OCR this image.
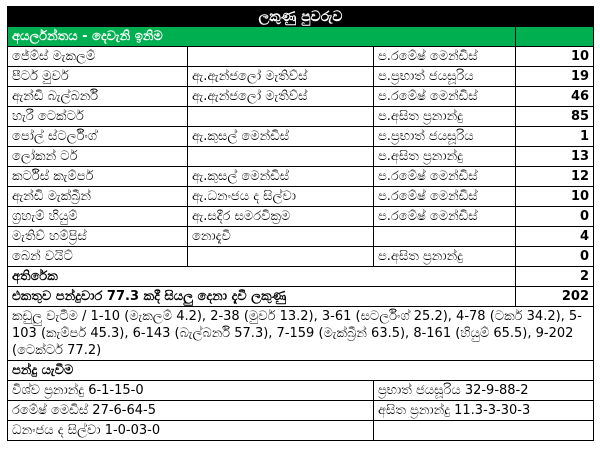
ලකුණු පුවරුව			
අයර්ලන්තය - දෙවැනි ඉනිම			
ජේම්ස් මැකලම්		ප.රමේෂ් මෙන්ඩිස්	10
පීටර් මුවර්	ඇ.ඇන්ජලෝ මැතිව්ස්	ප.ප්‍රභාත් ජයසූරිය	19
ඇන්ඩි බැල්බර්නි	ඇ.ඇන්ජලෝ මැතිව්ස්	ප.රමේෂ් මෙන්ඩිස්	46
හැරී ටෙක්ටර්		ප.අසිත ප්‍රනාන්දු	85
පෝල් ස්ටර්ලිංග්	ඇ.කුසල් මෙන්ඩිස්	ප.ප්‍රභාත් ජයසූරිය	1
ලෝකන් ටර්		ප.අසිත ප්‍රනාන්දු	13
කර්ටිස් කැම්පර්	ඇ.කුසල් මෙන්ඩිස්	ප.රමේෂ් මෙන්ඩිස්	12
ඇන්ඩි මැක්බ්‍රීන්	ඇ.ධනංජය ද සිල්වා	ප.රමේෂ් මෙන්ඩිස්	10
ග්‍රහැම් හියුම්	ඇ.සදීර සමරවික්‍රම	ප.රමේෂ් මෙන්ඩිස්	0
මැතිව් හම්ප්‍රිස්	නොදැවී		4
බෙන් වයිට්		ප.අසිත ප්‍රනාන්දු	0
අතිරේක			2
එකතුව පන්දුවාර 77.3 කදී සියලු දෙනා දැවී ලකුණු			202
කඩුලු වැටීම / 1-10 (මැකලම් 4.2), 2-38 (මුවර් 13.2), 3-61 (සටර්ලිංග් 25.2), 4-78 (ටකර් 34.2), 5-103 (කැම්පර් 45.3), 6-143 (බැල්බර්නි 57.3), 7-159 (මැක්බ්‍රීන් 63.5), 8-161 (හියුම් 65.5), 9-202 (ටෙක්ටර් 77.2)			
පන්දු යැවීම			
විශ්ව ප්‍රනාන්දු 6-1-15-0		ප්‍රභාත් ජයසූරිය 32-9-88-2	
රමේෂ් මෙඩිස් 27-6-64-5		අසිත ප්‍රනාන්දු 11.3-3-30-3	
ධනංජය ද සිල්වා 1-0-03-0			
